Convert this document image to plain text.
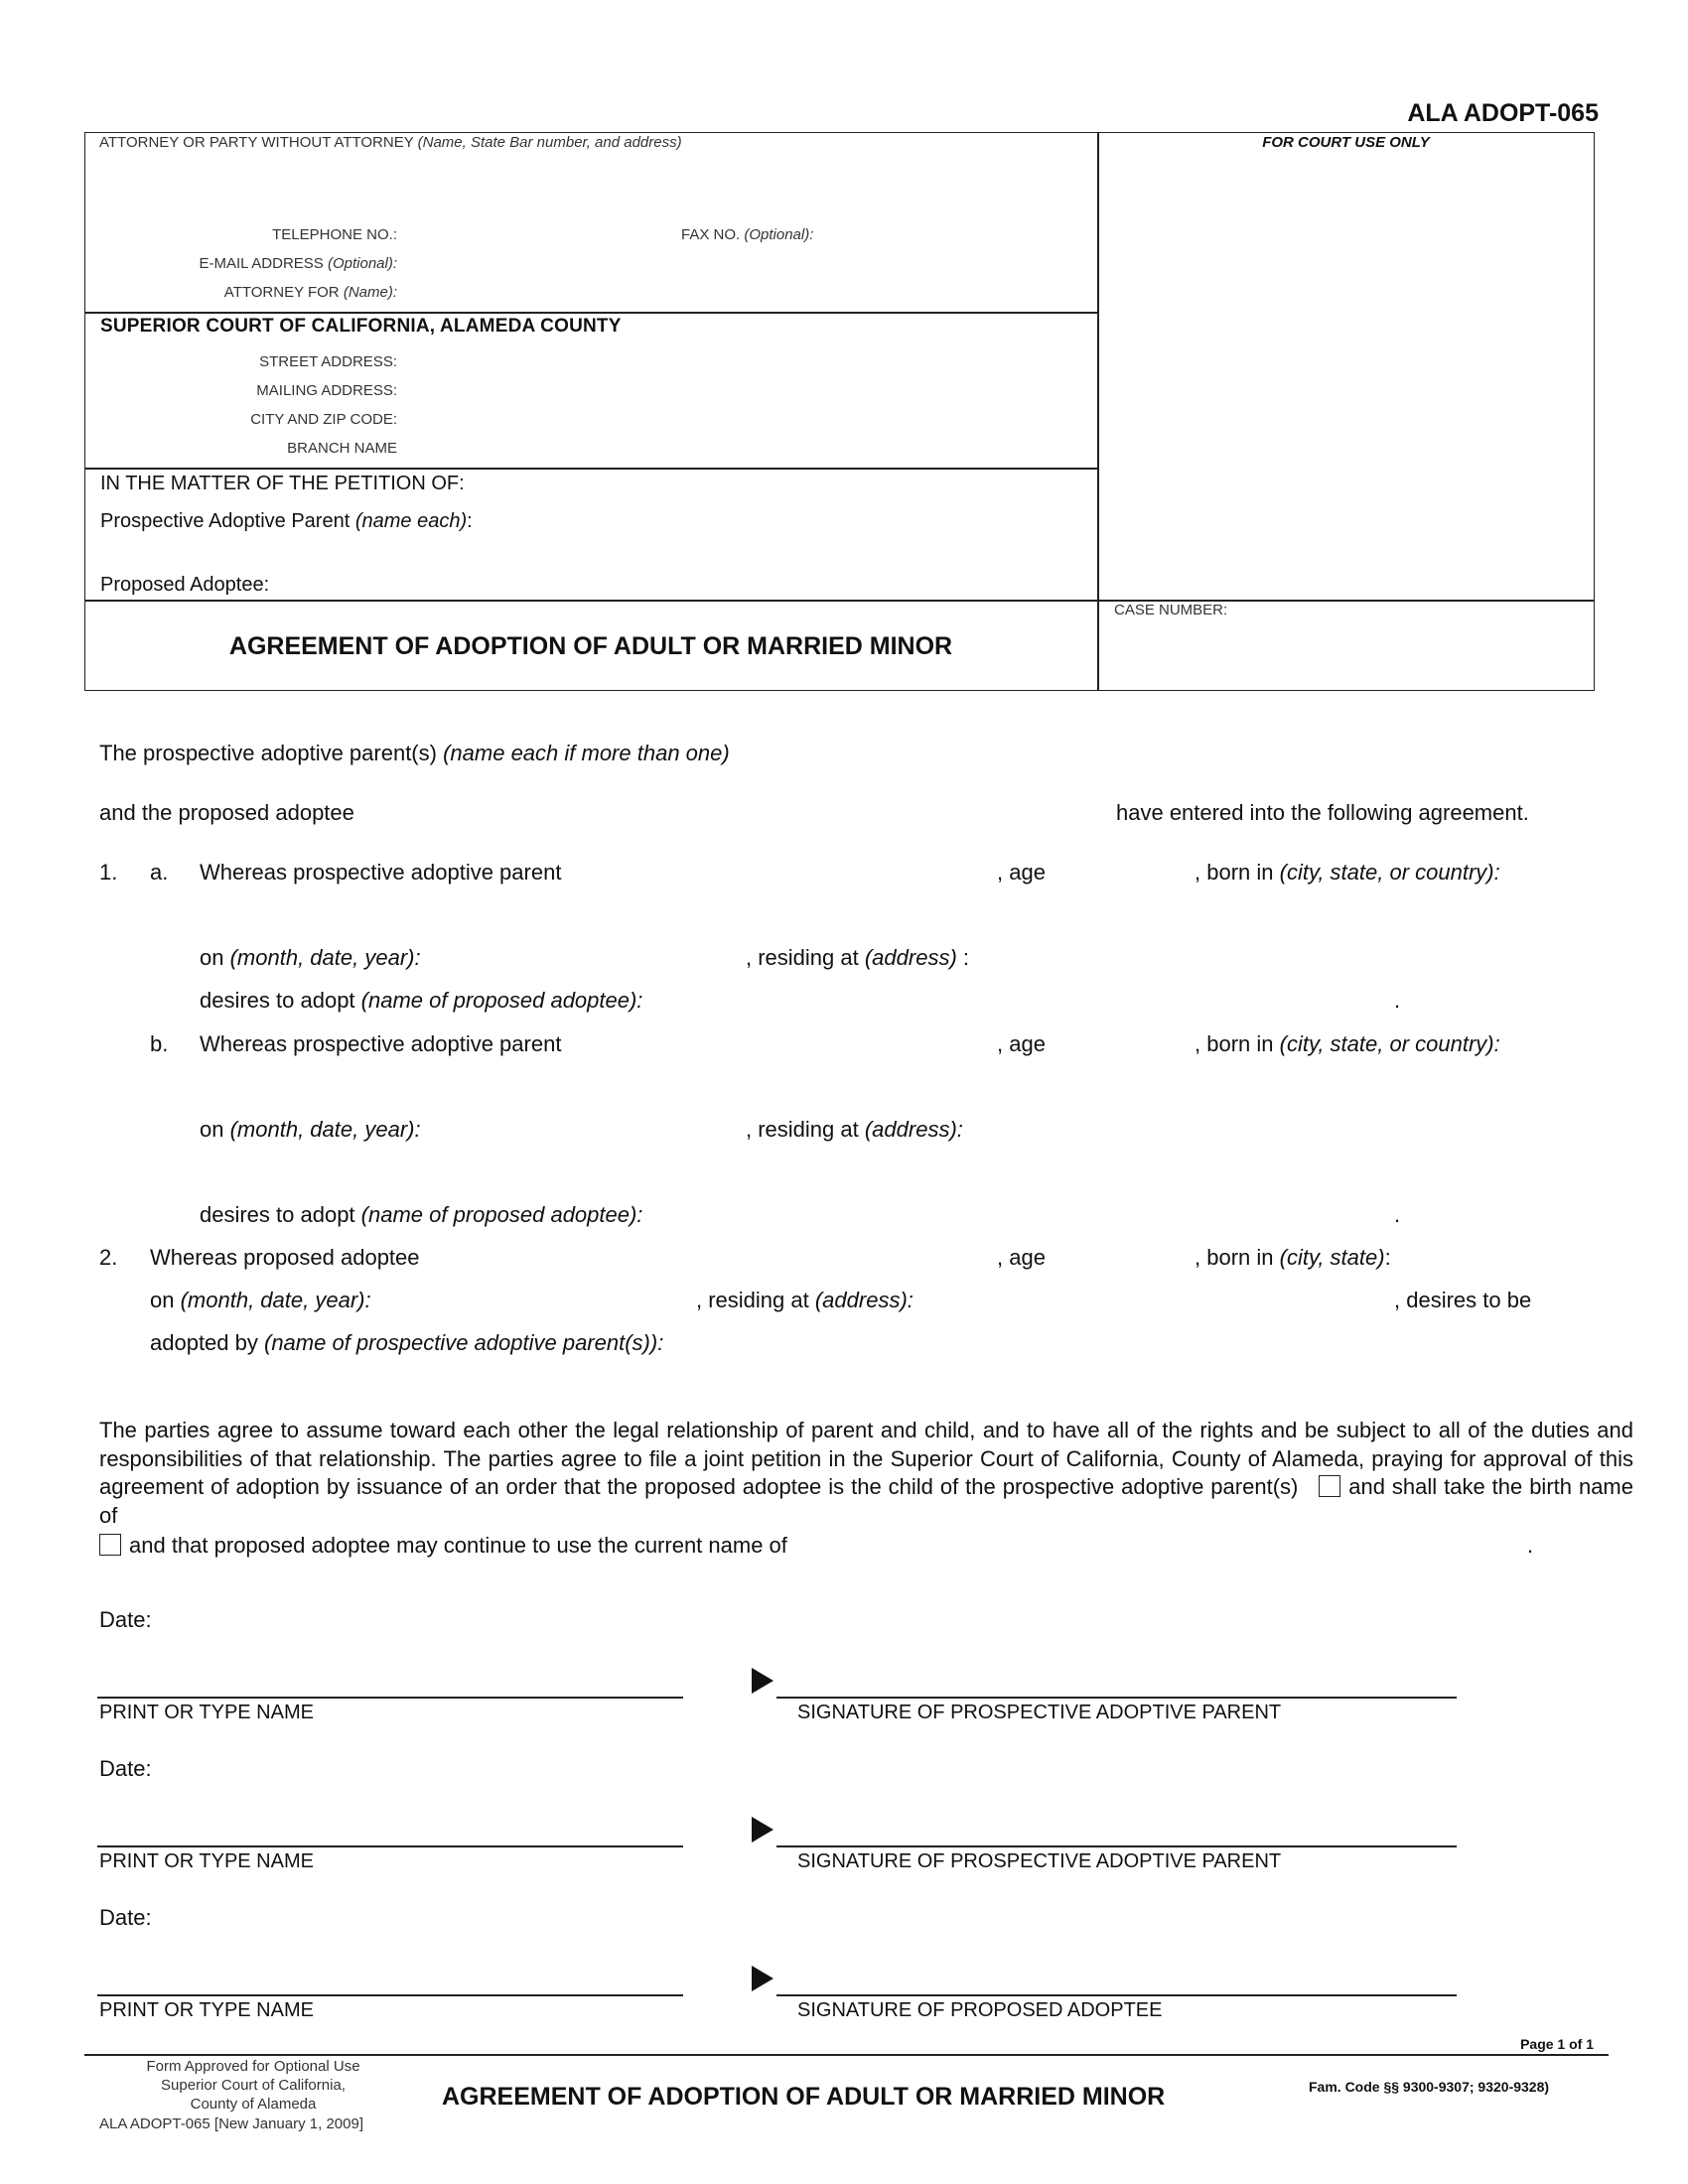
ALA ADOPT-065
ATTORNEY OR PARTY WITHOUT ATTORNEY (Name, State Bar number, and address)	FOR COURT USE ONLY
TELEPHONE NO.:	FAX NO. (Optional):
E-MAIL ADDRESS (Optional):
ATTORNEY FOR (Name):
SUPERIOR COURT OF CALIFORNIA, ALAMEDA COUNTY
STREET ADDRESS:
MAILING ADDRESS:
CITY AND ZIP CODE:
BRANCH NAME
IN THE MATTER OF THE PETITION OF:
Prospective Adoptive Parent (name each):
Proposed Adoptee:
AGREEMENT OF ADOPTION OF ADULT OR MARRIED MINOR
CASE NUMBER:
The prospective adoptive parent(s) (name each if more than one)
and the proposed adoptee	have entered into the following agreement.
1. a. Whereas prospective adoptive parent	, age	, born in (city, state, or country):
on (month, date, year):	, residing at (address) :
desires to adopt (name of proposed adoptee):	.
b. Whereas prospective adoptive parent	, age	, born in (city, state, or country):
on (month, date, year):	, residing at (address):
desires to adopt (name of proposed adoptee):	.
2. Whereas proposed adoptee	, age	, born in (city, state):
on (month, date, year):	, residing at (address):	, desires to be
adopted by (name of prospective adoptive parent(s)):
The parties agree to assume toward each other the legal relationship of parent and child, and to have all of the rights and be subject to all of the duties and responsibilities of that relationship. The parties agree to file a joint petition in the Superior Court of California, County of Alameda, praying for approval of this agreement of adoption by issuance of an order that the proposed adoptee is the child of the prospective adoptive parent(s) and shall take the birth name of
and that proposed adoptee may continue to use the current name of	.
Date:
PRINT OR TYPE NAME	SIGNATURE OF PROSPECTIVE ADOPTIVE PARENT
Date:
PRINT OR TYPE NAME	SIGNATURE OF PROSPECTIVE ADOPTIVE PARENT
Date:
PRINT OR TYPE NAME	SIGNATURE OF PROPOSED ADOPTEE
Page 1 of 1
Form Approved for Optional Use
Superior Court of California,
County of Alameda
ALA ADOPT-065 [New January 1, 2009]
AGREEMENT OF ADOPTION OF ADULT OR MARRIED MINOR	Fam. Code §§ 9300-9307; 9320-9328)
